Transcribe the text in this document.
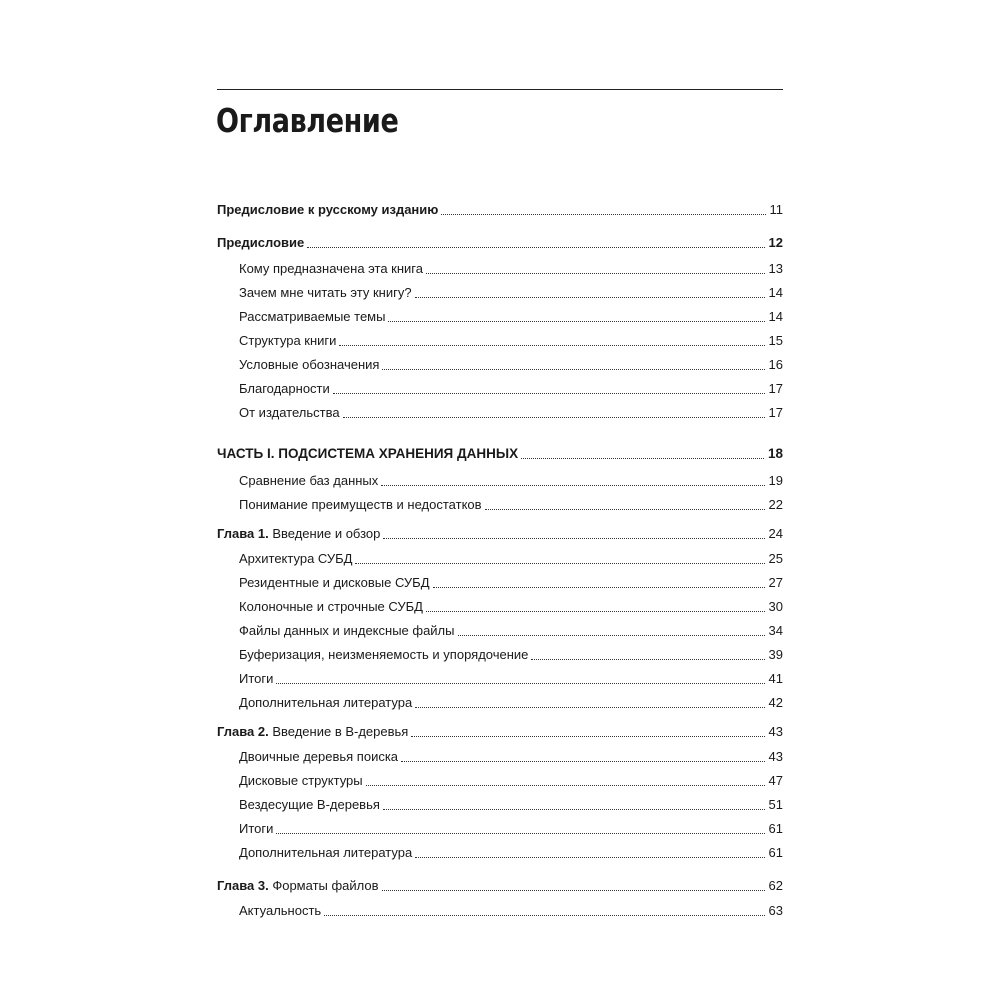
Оглавление
Предисловие к русскому изданию	11
Предисловие	12
Кому предназначена эта книга	13
Зачем мне читать эту книгу?	14
Рассматриваемые темы	14
Структура книги	15
Условные обозначения	16
Благодарности	17
От издательства	17
ЧАСТЬ I. ПОДСИСТЕМА ХРАНЕНИЯ ДАННЫХ	18
Сравнение баз данных	19
Понимание преимуществ и недостатков	22
Глава 1. Введение и обзор	24
Архитектура СУБД	25
Резидентные и дисковые СУБД	27
Колоночные и строчные СУБД	30
Файлы данных и индексные файлы	34
Буферизация, неизменяемость и упорядочение	39
Итоги	41
Дополнительная литература	42
Глава 2. Введение в B-деревья	43
Двоичные деревья поиска	43
Дисковые структуры	47
Вездесущие B-деревья	51
Итоги	61
Дополнительная литература	61
Глава 3. Форматы файлов	62
Актуальность	63
